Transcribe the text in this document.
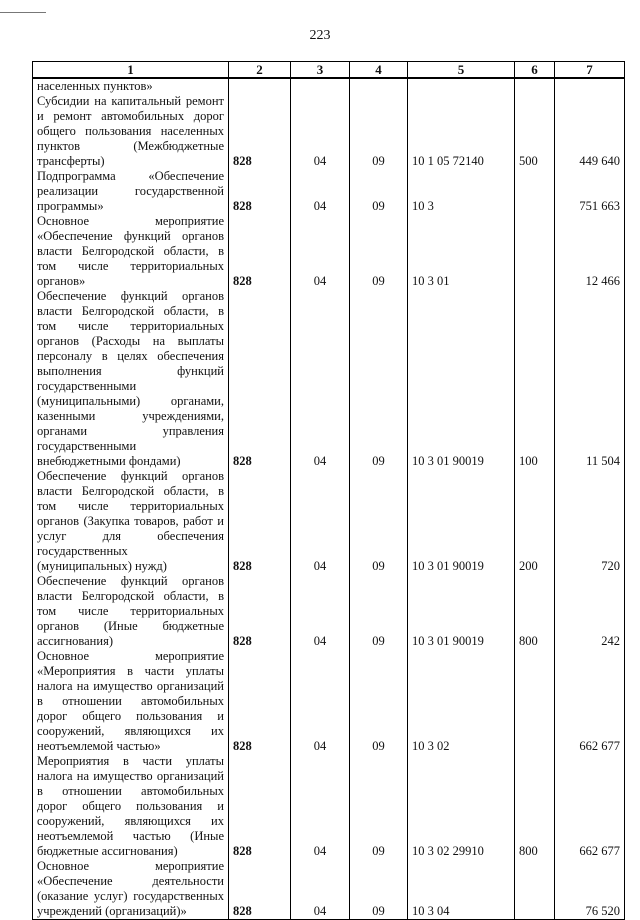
223
1	2	3	4	5	6	7
населенных пунктов»						
Субсидии на капитальный ремонт и ремонт автомобильных дорог общего пользования населенных пунктов (Межбюджетные трансферты)	828	04	09	10 1 05 72140	500	449 640
Подпрограмма «Обеспечение реализации государственной программы»	828	04	09	10 3		751 663
Основное мероприятие «Обеспечение функций органов власти Белгородской области, в том числе территориальных органов»	828	04	09	10 3 01		12 466
Обеспечение функций органов власти Белгородской области, в том числе территориальных органов (Расходы на выплаты персоналу в целях обеспечения выполнения функций государственными (муниципальными) органами, казенными учреждениями, органами управления государственными внебюджетными фондами)	828	04	09	10 3 01 90019	100	11 504
Обеспечение функций органов власти Белгородской области, в том числе территориальных органов (Закупка товаров, работ и услуг для обеспечения государственных (муниципальных) нужд)	828	04	09	10 3 01 90019	200	720
Обеспечение функций органов власти Белгородской области, в том числе территориальных органов (Иные бюджетные ассигнования)	828	04	09	10 3 01 90019	800	242
Основное мероприятие «Мероприятия в части уплаты налога на имущество организаций в отношении автомобильных дорог общего пользования и сооружений, являющихся их неотъемлемой частью»	828	04	09	10 3 02		662 677
Мероприятия в части уплаты налога на имущество организаций в отношении автомобильных дорог общего пользования и сооружений, являющихся их неотъемлемой частью (Иные бюджетные ассигнования)	828	04	09	10 3 02 29910	800	662 677
Основное мероприятие «Обеспечение деятельности (оказание услуг) государственных учреждений (организаций)»	828	04	09	10 3 04		76 520
